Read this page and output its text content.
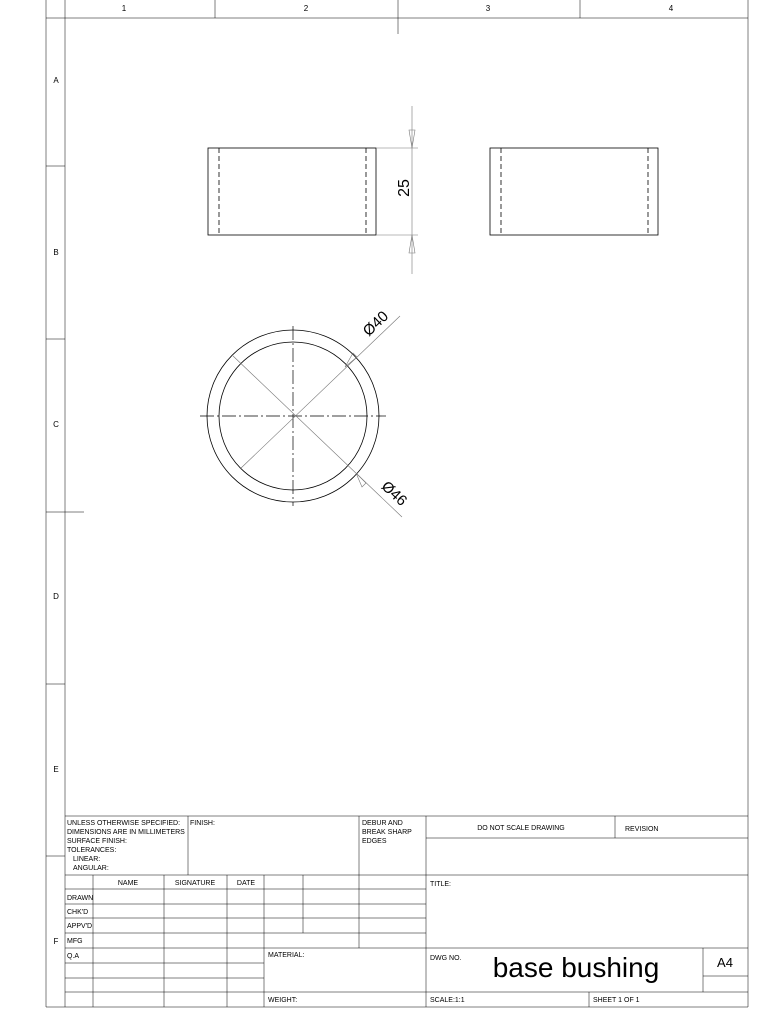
1	2	3	4
A
B
C
D
E
F
25
Ø40
Ø46
UNLESS OTHERWISE SPECIFIED:
DIMENSIONS ARE IN MILLIMETERS
SURFACE FINISH:
TOLERANCES:
LINEAR:
ANGULAR:
FINISH:	DEBUR AND
BREAK SHARP
EDGES
DO NOT SCALE DRAWING	REVISION
NAME	SIGNATURE	DATE
DRAWN
CHK'D
APPV'D
MFG
Q.A
TITLE:
MATERIAL:
WEIGHT:
DWG NO. base bushing	A4
SCALE:1:1	SHEET 1 OF 1
